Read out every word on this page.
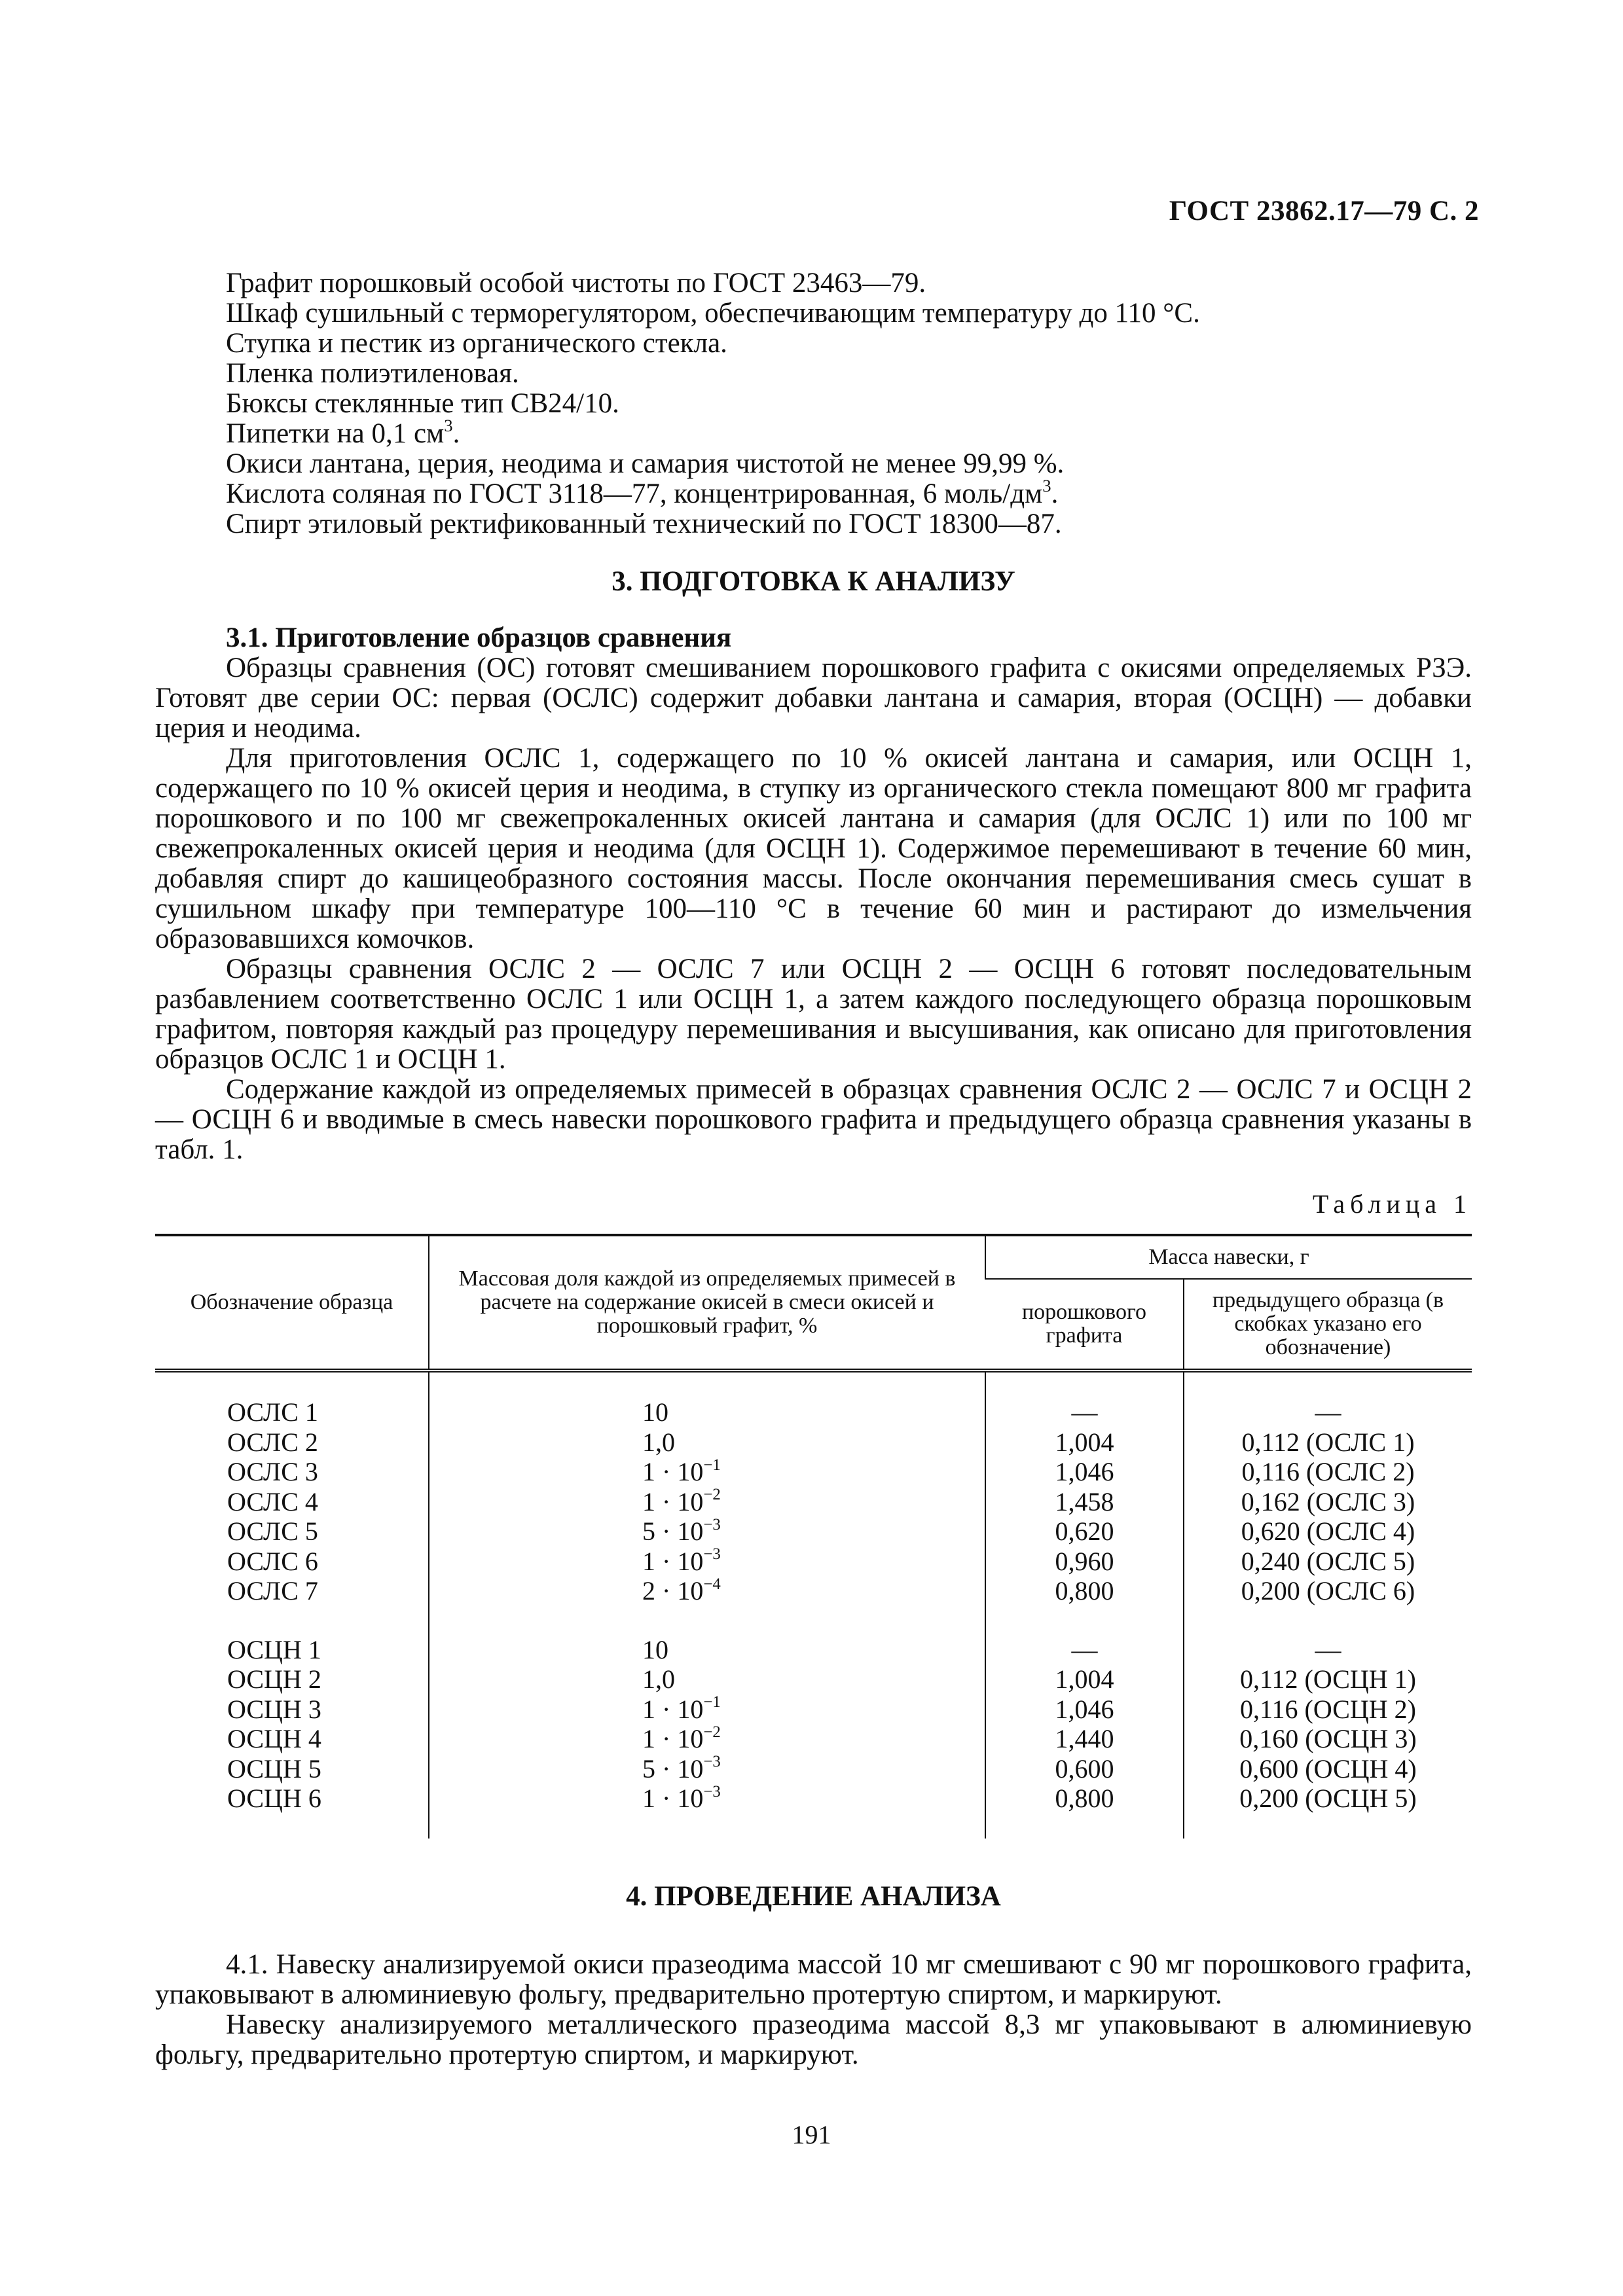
ГОСТ 23862.17—79 С. 2
Графит порошковый особой чистоты по ГОСТ 23463—79.
Шкаф сушильный с терморегулятором, обеспечивающим температуру до 110 °С.
Ступка и пестик из органического стекла.
Пленка полиэтиленовая.
Бюксы стеклянные тип СВ24/10.
Пипетки на 0,1 $см^3$.
Окиси лантана, церия, неодима и самария чистотой не менее 99,99 %.
Кислота соляная по ГОСТ 3118—77, концентрированная, 6 моль/$дм^3$.
Спирт этиловый ректификованный технический по ГОСТ 18300—87.
3. ПОДГОТОВКА К АНАЛИЗУ
3.1. Приготовление образцов сравнения

Образцы сравнения (ОС) готовят смешиванием порошкового графита с окисями определяемых РЗЭ. Готовят две серии ОС: первая (ОСЛС) содержит добавки лантана и самария, вторая (ОСЦН) — добавки церия и неодима.

Для приготовления ОСЛС 1, содержащего по 10 % окисей лантана и самария, или ОСЦН 1, содержащего по 10 % окисей церия и неодима, в ступку из органического стекла помещают 800 мг графита порошкового и по 100 мг свежепрокаленных окисей лантана и самария (для ОСЛС 1) или по 100 мг свежепрокаленных окисей церия и неодима (для ОСЦН 1). Содержимое перемешивают в течение 60 мин, добавляя спирт до кашицеобразного состояния массы. После окончания перемешивания смесь сушат в сушильном шкафу при температуре 100—110 °С в течение 60 мин и растирают до измельчения образовавшихся комочков.

Образцы сравнения ОСЛС 2 — ОСЛС 7 или ОСЦН 2 — ОСЦН 6 готовят последовательным разбавлением соответственно ОСЛС 1 или ОСЦН 1, а затем каждого последующего образца порошковым графитом, повторяя каждый раз процедуру перемешивания и высушивания, как описано для приготовления образцов ОСЛС 1 и ОСЦН 1.

Содержание каждой из определяемых примесей в образцах сравнения ОСЛС 2 — ОСЛС 7 и ОСЦН 2 — ОСЦН 6 и вводимые в смесь навески порошкового графита и предыдущего образца сравнения указаны в табл. 1.

Таблица 1
Обозначение образца	Массовая доля каждой из определяемых примесей в расчете на содержание окисей в смеси окисей и порошковый графит, %	Масса навески, г	
		порошкового графита	предыдущего образца (в скобках указано его обозначение)

ОСЛС 1	10	—	—
ОСЛС 2	1,0	1,004	0,112 (ОСЛС 1)
ОСЛС 3	$1 \cdot 10^{-1}$	1,046	0,116 (ОСЛС 2)
ОСЛС 4	$1 \cdot 10^{-2}$	1,458	0,162 (ОСЛС 3)
ОСЛС 5	$5 \cdot 10^{-3}$	0,620	0,620 (ОСЛС 4)
ОСЛС 6	$1 \cdot 10^{-3}$	0,960	0,240 (ОСЛС 5)
ОСЛС 7	$2 \cdot 10^{-4}$	0,800	0,200 (ОСЛС 6)

ОСЦН 1	10	—	—
ОСЦН 2	1,0	1,004	0,112 (ОСЦН 1)
ОСЦН 3	$1 \cdot 10^{-1}$	1,046	0,116 (ОСЦН 2)
ОСЦН 4	$1 \cdot 10^{-2}$	1,440	0,160 (ОСЦН 3)
ОСЦН 5	$5 \cdot 10^{-3}$	0,600	0,600 (ОСЦН 4)
ОСЦН 6	$1 \cdot 10^{-3}$	0,800	0,200 (ОСЦН 5)

4. ПРОВЕДЕНИЕ АНАЛИЗА

4.1. Навеску анализируемой окиси празеодима массой 10 мг смешивают с 90 мг порошкового графита, упаковывают в алюминиевую фольгу, предварительно протертую спиртом, и маркируют.

Навеску анализируемого металлического празеодима массой 8,3 мг упаковывают в алюминиевую фольгу, предварительно протертую спиртом, и маркируют.

191
